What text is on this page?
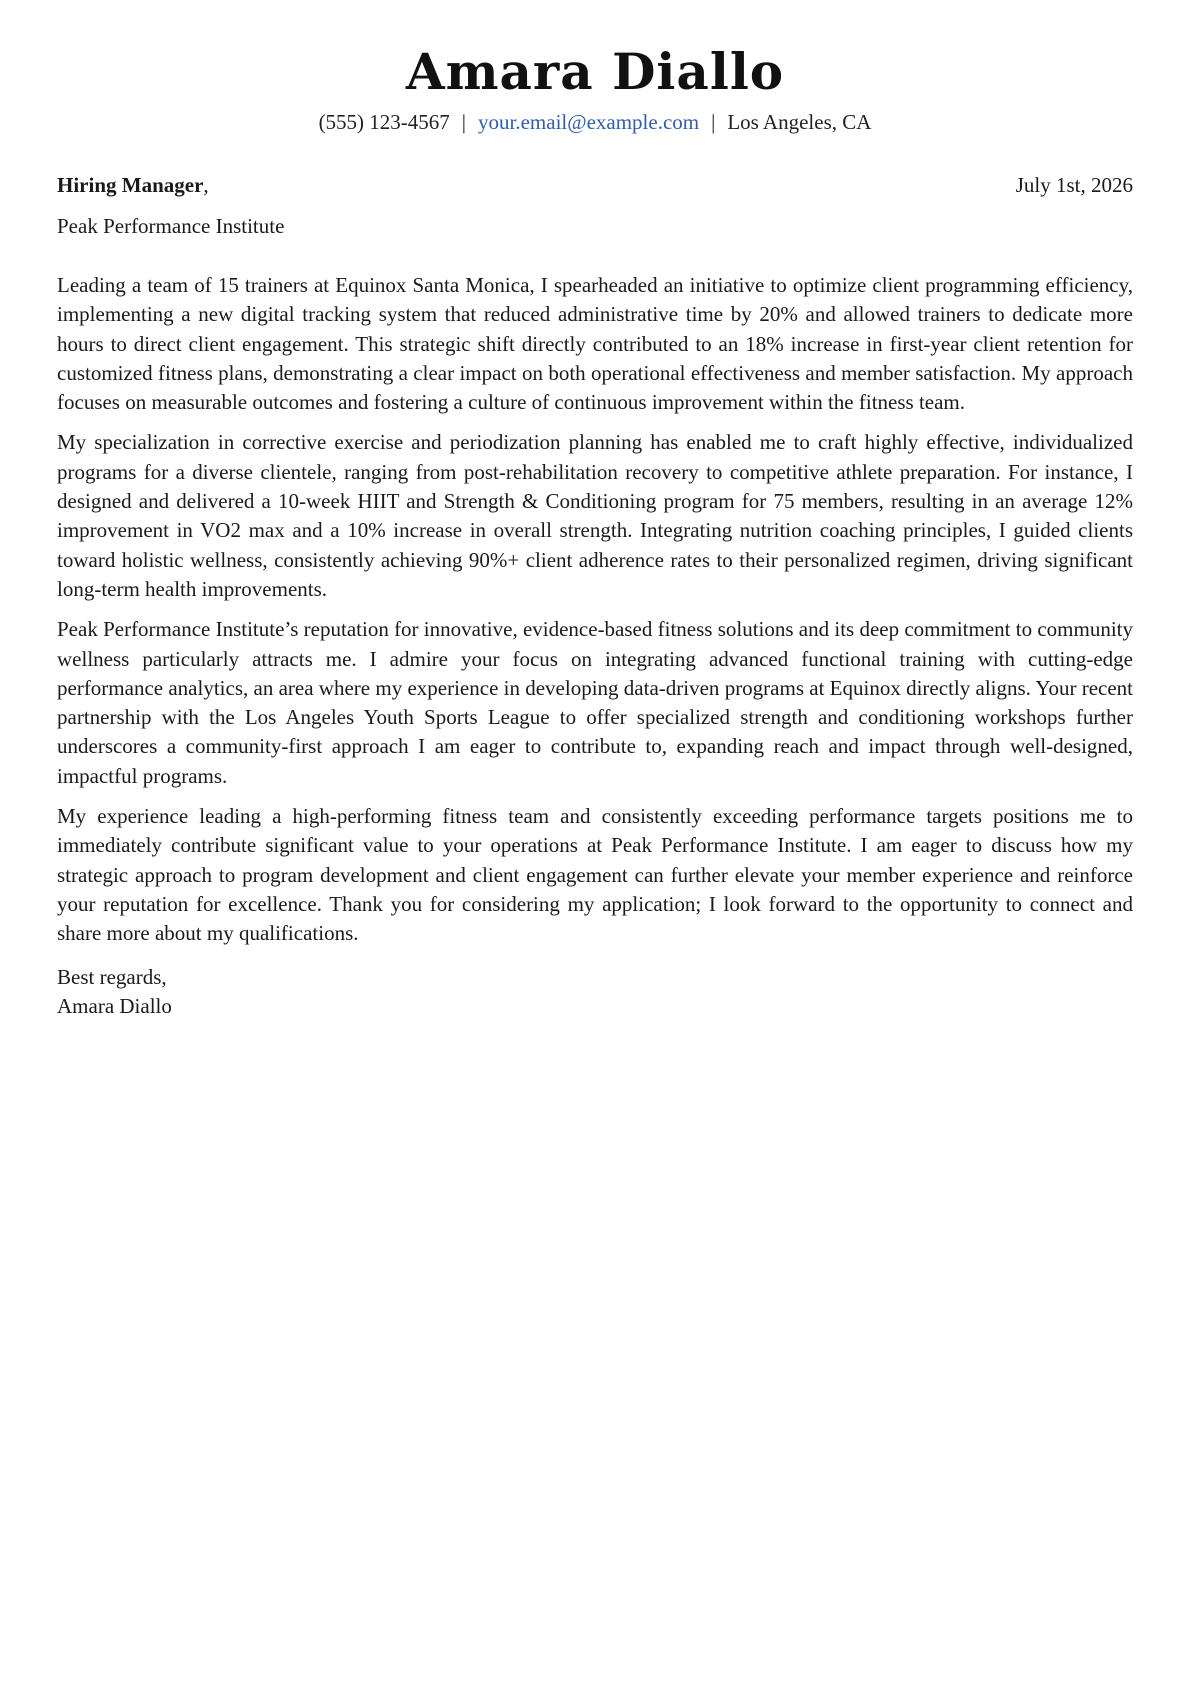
Amara Diallo
(555) 123-4567 | your.email@example.com | Los Angeles, CA
Hiring Manager,	July 1st, 2026
Peak Performance Institute

Leading a team of 15 trainers at Equinox Santa Monica, I spearheaded an initiative to optimize client programming efficiency, implementing a new digital tracking system that reduced administrative time by 20% and allowed trainers to dedicate more hours to direct client engagement. This strategic shift directly contributed to an 18% increase in first-year client retention for customized fitness plans, demonstrating a clear impact on both operational effectiveness and member satisfaction. My approach focuses on measurable outcomes and fostering a culture of continuous improvement within the fitness team.

My specialization in corrective exercise and periodization planning has enabled me to craft highly effective, individualized programs for a diverse clientele, ranging from post-rehabilitation recovery to competitive athlete preparation. For instance, I designed and delivered a 10-week HIIT and Strength & Conditioning program for 75 members, resulting in an average 12% improvement in VO2 max and a 10% increase in overall strength. Integrating nutrition coaching principles, I guided clients toward holistic wellness, consistently achieving 90%+ client adherence rates to their personalized regimen, driving significant long-term health improvements.

Peak Performance Institute’s reputation for innovative, evidence-based fitness solutions and its deep commitment to community wellness particularly attracts me. I admire your focus on integrating advanced functional training with cutting-edge performance analytics, an area where my experience in developing data-driven programs at Equinox directly aligns. Your recent partnership with the Los Angeles Youth Sports League to offer specialized strength and conditioning workshops further underscores a community-first approach I am eager to contribute to, expanding reach and impact through well-designed, impactful programs.

My experience leading a high-performing fitness team and consistently exceeding performance targets positions me to immediately contribute significant value to your operations at Peak Performance Institute. I am eager to discuss how my strategic approach to program development and client engagement can further elevate your member experience and reinforce your reputation for excellence. Thank you for considering my application; I look forward to the opportunity to connect and share more about my qualifications.

Best regards,
Amara Diallo
